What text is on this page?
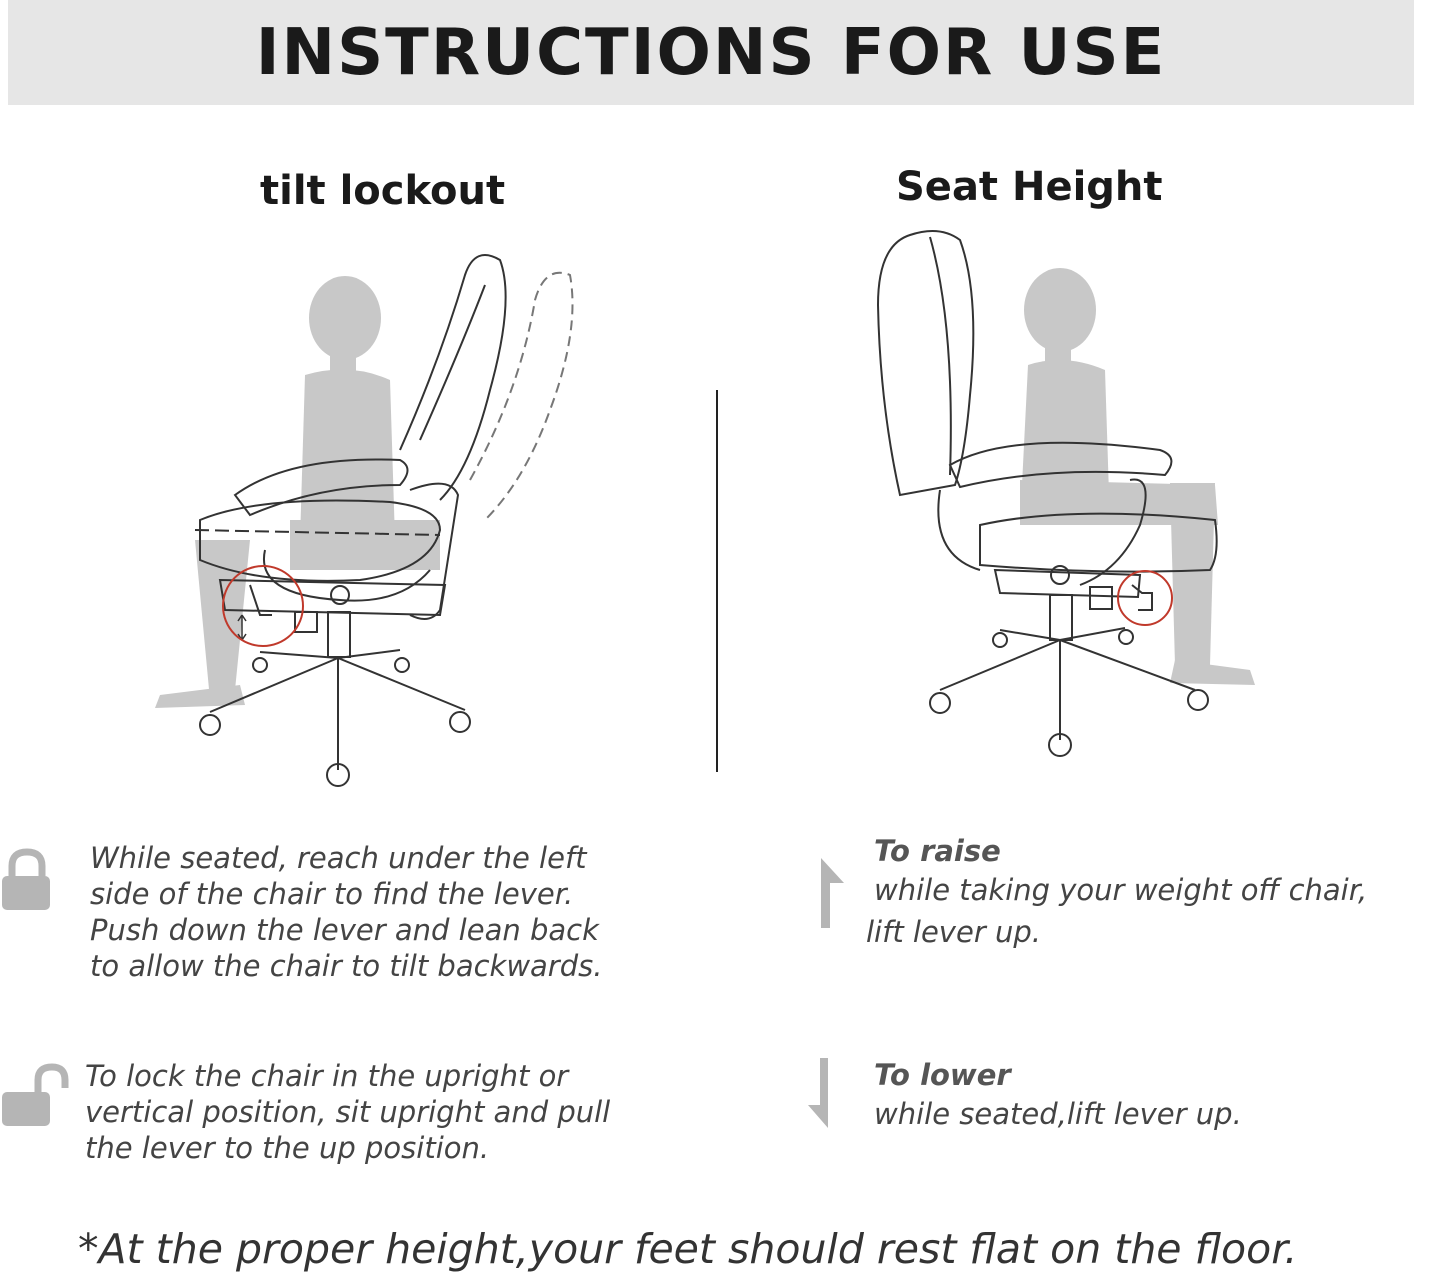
INSTRUCTIONS FOR USE
tilt lockout	Seat Height

While seated, reach under the left

side of the chair to find the lever.

Push down the lever and lean back

to allow the chair to tilt backwards.

To lock the chair in the upright or

vertical position, sit upright and pull

the lever to the up position.

To raise

while taking your weight off chair,

lift lever up.

To lower

while seated,lift lever up.

*At the proper height,your feet should rest flat on the floor.
